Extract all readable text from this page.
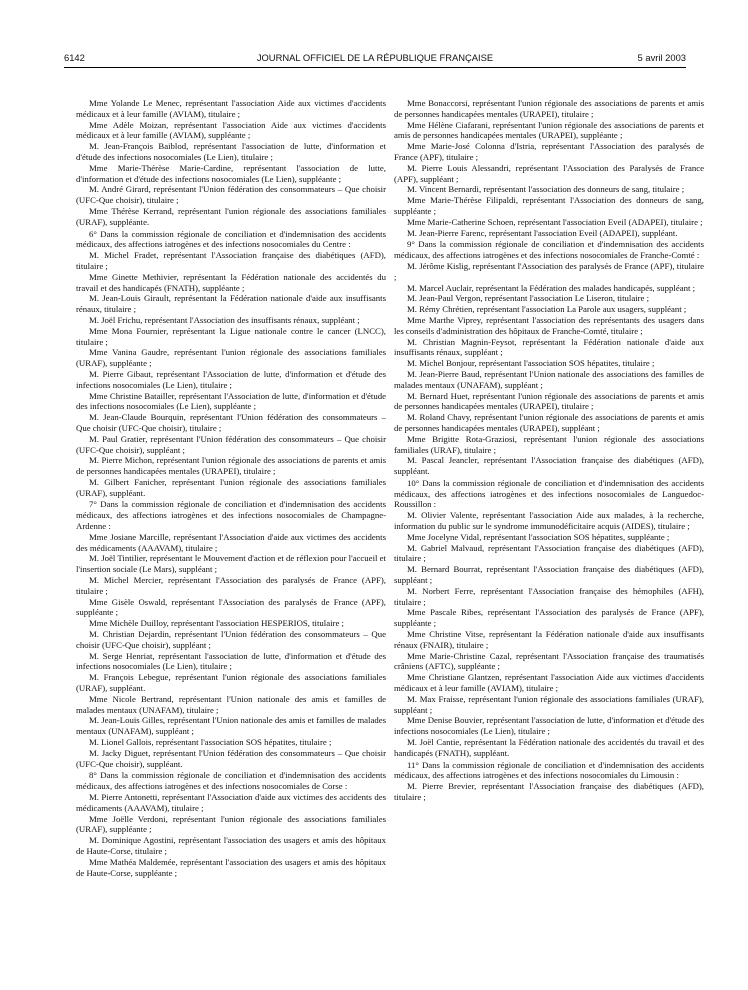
6142	JOURNAL OFFICIEL DE LA RÉPUBLIQUE FRANÇAISE	5 avril 2003

Mme Yolande Le Menec, représentant l'association Aide aux victimes d'accidents médicaux et à leur famille (AVIAM), titulaire ;

Mme Adèle Moizan, représentant l'association Aide aux victimes d'accidents médicaux et à leur famille (AVIAM), suppléante ;

M. Jean-François Baiblod, représentant l'association de lutte, d'information et d'étude des infections nosocomiales (Le Lien), titulaire ;

Mme Marie-Thérèse Marie-Cardine, représentant l'association de lutte, d'information et d'étude des infections nosocomiales (Le Lien), suppléante ;

M. André Girard, représentant l'Union fédération des consommateurs – Que choisir (UFC-Que choisir), titulaire ;

Mme Thérèse Kerrand, représentant l'union régionale des associations familiales (URAF), suppléante.

6° Dans la commission régionale de conciliation et d'indemnisation des accidents médicaux, des affections iatrogènes et des infections nosocomiales du Centre :

M. Michel Fradet, représentant l'Association française des diabétiques (AFD), titulaire ;

Mme Ginette Methivier, représentant la Fédération nationale des accidentés du travail et des handicapés (FNATH), suppléante ;

M. Jean-Louis Girault, représentant la Fédération nationale d'aide aux insuffisants rénaux, titulaire ;

M. Joël Frichu, représentant l'Association des insuffisants rénaux, suppléant ;

Mme Mona Fournier, représentant la Ligue nationale contre le cancer (LNCC), titulaire ;

Mme Vanina Gaudre, représentant l'union régionale des associations familiales (URAF), suppléante ;

M. Pierre Gibaut, représentant l'Association de lutte, d'information et d'étude des infections nosocomiales (Le Lien), titulaire ;

Mme Christine Batailler, représentant l'Association de lutte, d'information et d'étude des infections nosocomiales (Le Lien), suppléante ;

M. Jean-Claude Bourquin, représentant l'Union fédération des consommateurs – Que choisir (UFC-Que choisir), titulaire ;

M. Paul Gratier, représentant l'Union fédération des consommateurs – Que choisir (UFC-Que choisir), suppléant ;

M. Pierre Michon, représentant l'union régionale des associations de parents et amis de personnes handicapées mentales (URAPEI), titulaire ;

M. Gilbert Fanicher, représentant l'union régionale des associations familiales (URAF), suppléant.

7° Dans la commission régionale de conciliation et d'indemnisation des accidents médicaux, des affections iatrogènes et des infections nosocomiales de Champagne-Ardenne :

Mme Josiane Marcille, représentant l'Association d'aide aux victimes des accidents des médicaments (AAAVAM), titulaire ;

M. Joël Tintilier, représentant le Mouvement d'action et de réflexion pour l'accueil et l'insertion sociale (Le Mars), suppléant ;

M. Michel Mercier, représentant l'Association des paralysés de France (APF), titulaire ;

Mme Gisèle Oswald, représentant l'Association des paralysés de France (APF), suppléante ;

Mme Michèle Duilloy, représentant l'association HESPERIOS, titulaire ;

M. Christian Dejardin, représentant l'Union fédération des consommateurs – Que choisir (UFC-Que choisir), suppléant ;

M. Serge Henriat, représentant l'association de lutte, d'information et d'étude des infections nosocomiales (Le Lien), titulaire ;

M. François Lebegue, représentant l'union régionale des associations familiales (URAF), suppléant.

Mme Nicole Bertrand, représentant l'Union nationale des amis et familles de malades mentaux (UNAFAM), titulaire ;

M. Jean-Louis Gilles, représentant l'Union nationale des amis et familles de malades mentaux (UNAFAM), suppléant ;

M. Lionel Gallois, représentant l'association SOS hépatites, titulaire ;

M. Jacky Diguet, représentant l'Union fédération des consommateurs – Que choisir (UFC-Que choisir), suppléant.

8° Dans la commission régionale de conciliation et d'indemnisation des accidents médicaux, des affections iatrogènes et des infections nosocomiales de Corse :

M. Pierre Antonetti, représentant l'Association d'aide aux victimes des accidents des médicaments (AAAVAM), titulaire ;

Mme Joëlle Verdoni, représentant l'union régionale des associations familiales (URAF), suppléante ;

M. Dominique Agostini, représentant l'association des usagers et amis des hôpitaux de Haute-Corse, titulaire ;

Mme Mathéa Maldemée, représentant l'association des usagers et amis des hôpitaux de Haute-Corse, suppléante ;

Mme Bonaccorsi, représentant l'union régionale des associations de parents et amis de personnes handicapées mentales (URAPEI), titulaire ;

Mme Hélène Ciafarani, représentant l'union régionale des associations de parents et amis de personnes handicapées mentales (URAPEI), suppléante ;

Mme Marie-José Colonna d'Istria, représentant l'Association des paralysés de France (APF), titulaire ;

M. Pierre Louis Alessandri, représentant l'Association des Paralysés de France (APF), suppléant ;

M. Vincent Bernardi, représentant l'association des donneurs de sang, titulaire ;

Mme Marie-Thérèse Filipaldi, représentant l'Association des donneurs de sang, suppléante ;

Mme Marie-Catherine Schoen, représentant l'association Eveil (ADAPEI), titulaire ;

M. Jean-Pierre Farenc, représentant l'association Eveil (ADAPEI), suppléant.

9° Dans la commission régionale de conciliation et d'indemnisation des accidents médicaux, des affections iatrogènes et des infections nosocomiales de Franche-Comté :

M. Jérôme Kislig, représentant l'Association des paralysés de France (APF), titulaire ;

M. Marcel Auclair, représentant la Fédération des malades handicapés, suppléant ;

M. Jean-Paul Vergon, représentant l'association Le Liseron, titulaire ;

M. Rémy Chrétien, représentant l'association La Parole aux usagers, suppléant ;

Mme Marthe Viprey, représentant l'association des représentants des usagers dans les conseils d'administration des hôpitaux de Franche-Comté, titulaire ;

M. Christian Magnin-Feysot, représentant la Fédération nationale d'aide aux insuffisants rénaux, suppléant ;

M. Michel Bonjour, représentant l'association SOS hépatites, titulaire ;

M. Jean-Pierre Baud, représentant l'Union nationale des associations des familles de malades mentaux (UNAFAM), suppléant ;

M. Bernard Huet, représentant l'union régionale des associations de parents et amis de personnes handicapées mentales (URAPEI), titulaire ;

M. Roland Chavy, représentant l'union régionale des associations de parents et amis de personnes handicapées mentales (URAPEI), suppléant ;

Mme Brigitte Rota-Graziosi, représentant l'union régionale des associations familiales (URAF), titulaire ;

M. Pascal Jeancler, représentant l'Association française des diabétiques (AFD), suppléant.

10° Dans la commission régionale de conciliation et d'indemnisation des accidents médicaux, des affections iatrogènes et des infections nosocomiales de Languedoc-Roussillon :

M. Olivier Valente, représentant l'association Aide aux malades, à la recherche, information du public sur le syndrome immunodéficitaire acquis (AIDES), titulaire ;

Mme Jocelyne Vidal, représentant l'association SOS hépatites, suppléante ;

M. Gabriel Malvaud, représentant l'Association française des diabétiques (AFD), titulaire ;

M. Bernard Bourrat, représentant l'Association française des diabétiques (AFD), suppléant ;

M. Norbert Ferre, représentant l'Association française des hémophiles (AFH), titulaire ;

Mme Pascale Ribes, représentant l'Association des paralysés de France (APF), suppléante ;

Mme Christine Vitse, représentant la Fédération nationale d'aide aux insuffisants rénaux (FNAIR), titulaire ;

Mme Marie-Christine Cazal, représentant l'Association française des traumatisés crâniens (AFTC), suppléante ;

Mme Christiane Glantzen, représentant l'association Aide aux victimes d'accidents médicaux et à leur famille (AVIAM), titulaire ;

M. Max Fraisse, représentant l'union régionale des associations familiales (URAF), suppléant ;

Mme Denise Bouvier, représentant l'association de lutte, d'information et d'étude des infections nosocomiales (Le Lien), titulaire ;

M. Joël Cantie, représentant la Fédération nationale des accidentés du travail et des handicapés (FNATH), suppléant.

11° Dans la commission régionale de conciliation et d'indemnisation des accidents médicaux, des affections iatrogènes et des infections nosocomiales du Limousin :

M. Pierre Brevier, représentant l'Association française des diabétiques (AFD), titulaire ;
